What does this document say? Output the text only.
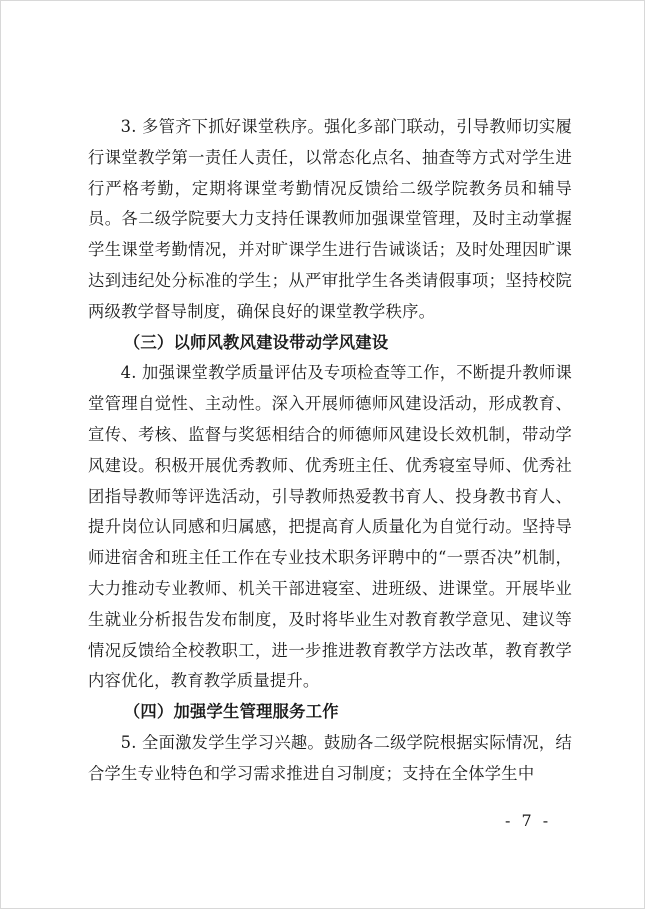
3. 多管齐下抓好课堂秩序。强化多部门联动，引导教师切实履行课堂教学第一责任人责任，以常态化点名、抽查等方式对学生进行严格考勤，定期将课堂考勤情况反馈给二级学院教务员和辅导员。各二级学院要大力支持任课教师加强课堂管理，及时主动掌握学生课堂考勤情况，并对旷课学生进行告诫谈话；及时处理因旷课达到违纪处分标准的学生；从严审批学生各类请假事项；坚持校院两级教学督导制度，确保良好的课堂教学秩序。

（三）以师风教风建设带动学风建设

4. 加强课堂教学质量评估及专项检查等工作，不断提升教师课堂管理自觉性、主动性。深入开展师德师风建设活动，形成教育、宣传、考核、监督与奖惩相结合的师德师风建设长效机制，带动学风建设。积极开展优秀教师、优秀班主任、优秀寝室导师、优秀社团指导教师等评选活动，引导教师热爱教书育人、投身教书育人、提升岗位认同感和归属感，把提高育人质量化为自觉行动。坚持导师进宿舍和班主任工作在专业技术职务评聘中的“一票否决”机制，大力推动专业教师、机关干部进寝室、进班级、进课堂。开展毕业生就业分析报告发布制度，及时将毕业生对教育教学意见、建议等情况反馈给全校教职工，进一步推进教育教学方法改革，教育教学内容优化，教育教学质量提升。

（四）加强学生管理服务工作

5. 全面激发学生学习兴趣。鼓励各二级学院根据实际情况，结合学生专业特色和学习需求推进自习制度；支持在全体学生中

- 7 -
